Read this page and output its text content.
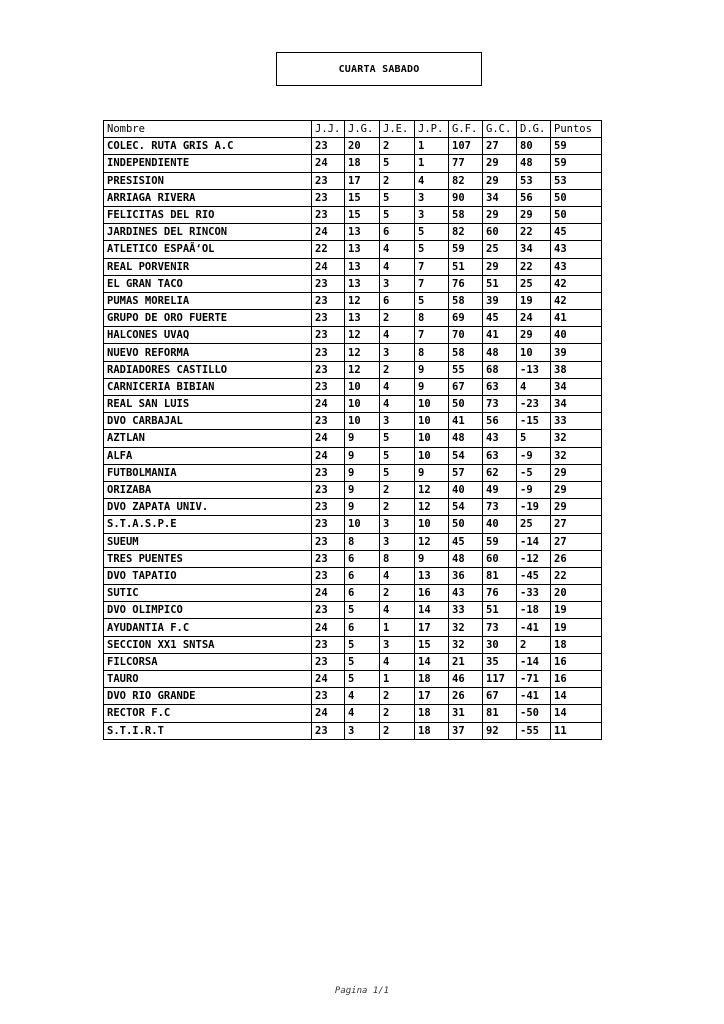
CUARTA SABADO
Nombre	J.J.	J.G.	J.E.	J.P.	G.F.	G.C.	D.G.	Puntos
COLEC. RUTA GRIS A.C	23	20	2	1	107	27	80	59
INDEPENDIENTE	24	18	5	1	77	29	48	59
PRESISION	23	17	2	4	82	29	53	53
ARRIAGA RIVERA	23	15	5	3	90	34	56	50
FELICITAS DEL RIO	23	15	5	3	58	29	29	50
JARDINES DEL RINCON	24	13	6	5	82	60	22	45
ATLETICO ESPAÃ‘OL	22	13	4	5	59	25	34	43
REAL PORVENIR	24	13	4	7	51	29	22	43
EL GRAN TACO	23	13	3	7	76	51	25	42
PUMAS MORELIA	23	12	6	5	58	39	19	42
GRUPO DE ORO FUERTE	23	13	2	8	69	45	24	41
HALCONES UVAQ	23	12	4	7	70	41	29	40
NUEVO REFORMA	23	12	3	8	58	48	10	39
RADIADORES CASTILLO	23	12	2	9	55	68	-13	38
CARNICERIA BIBIAN	23	10	4	9	67	63	4	34
REAL SAN LUIS	24	10	4	10	50	73	-23	34
DVO CARBAJAL	23	10	3	10	41	56	-15	33
AZTLAN	24	9	5	10	48	43	5	32
ALFA	24	9	5	10	54	63	-9	32
FUTBOLMANIA	23	9	5	9	57	62	-5	29
ORIZABA	23	9	2	12	40	49	-9	29
DVO ZAPATA UNIV.	23	9	2	12	54	73	-19	29
S.T.A.S.P.E	23	10	3	10	50	40	25	27
SUEUM	23	8	3	12	45	59	-14	27
TRES PUENTES	23	6	8	9	48	60	-12	26
DVO TAPATIO	23	6	4	13	36	81	-45	22
SUTIC	24	6	2	16	43	76	-33	20
DVO OLIMPICO	23	5	4	14	33	51	-18	19
AYUDANTIA F.C	24	6	1	17	32	73	-41	19
SECCION XX1 SNTSA	23	5	3	15	32	30	2	18
FILCORSA	23	5	4	14	21	35	-14	16
TAURO	24	5	1	18	46	117	-71	16
DVO RIO GRANDE	23	4	2	17	26	67	-41	14
RECTOR F.C	24	4	2	18	31	81	-50	14
S.T.I.R.T	23	3	2	18	37	92	-55	11
Pagina 1/1
